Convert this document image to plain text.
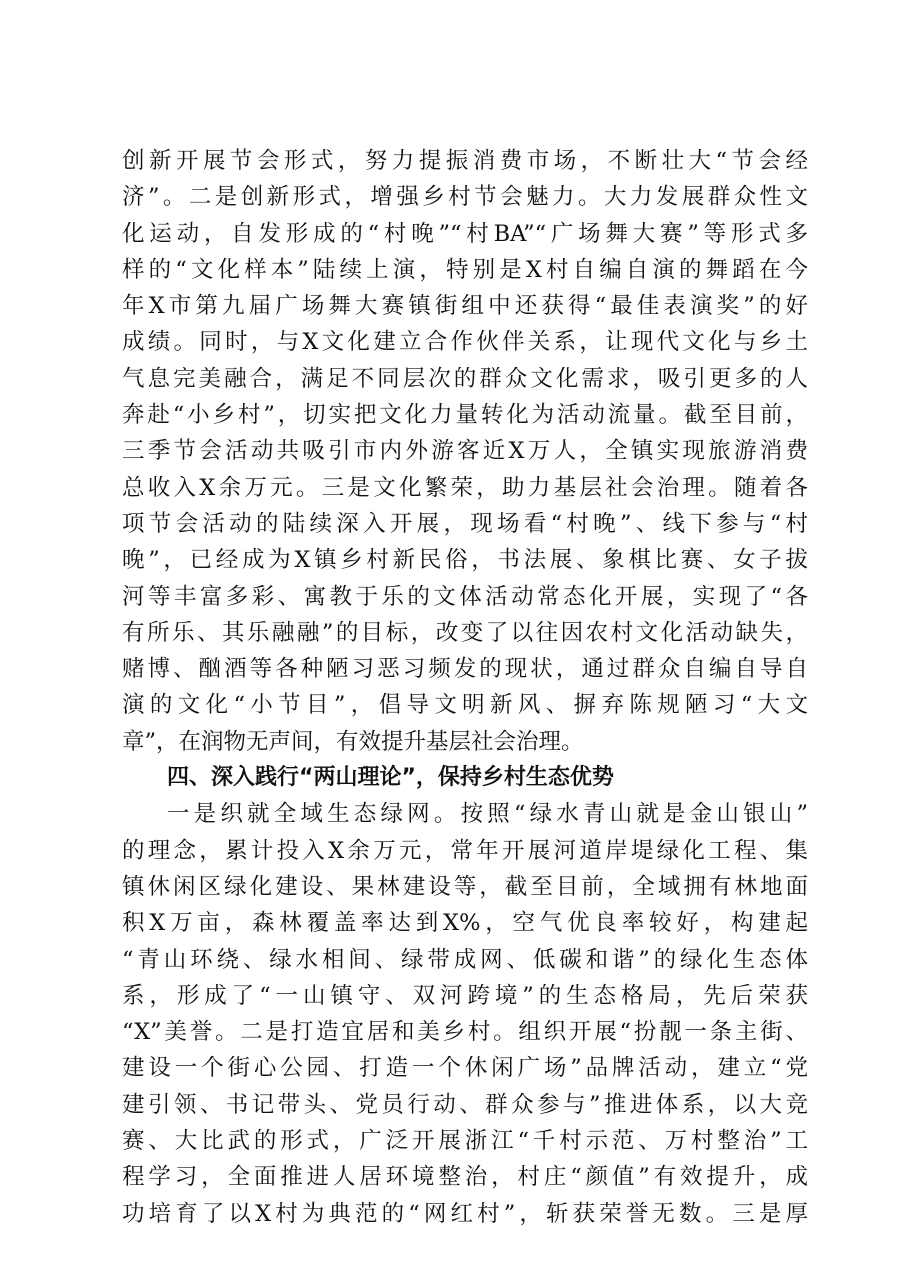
创新开展节会形式，努力提振消费市场，不断壮大“节会经
济”。二是创新形式，增强乡村节会魅力。大力发展群众性文
化运动，自发形成的“村晚”“村BA”“广场舞大赛”等形式多
样的“文化样本”陆续上演，特别是X村自编自演的舞蹈在今
年X市第九届广场舞大赛镇街组中还获得“最佳表演奖”的好
成绩。同时，与X文化建立合作伙伴关系，让现代文化与乡土
气息完美融合，满足不同层次的群众文化需求，吸引更多的人
奔赴“小乡村”，切实把文化力量转化为活动流量。截至目前，
三季节会活动共吸引市内外游客近X万人，全镇实现旅游消费
总收入X余万元。三是文化繁荣，助力基层社会治理。随着各
项节会活动的陆续深入开展，现场看“村晚”、线下参与“村
晚”，已经成为X镇乡村新民俗，书法展、象棋比赛、女子拔
河等丰富多彩、寓教于乐的文体活动常态化开展，实现了“各
有所乐、其乐融融”的目标，改变了以往因农村文化活动缺失，
赌博、酗酒等各种陋习恶习频发的现状，通过群众自编自导自
演的文化“小节目”，倡导文明新风、摒弃陈规陋习“大文
章”，在润物无声间，有效提升基层社会治理。
四、深入践行“两山理论”，保持乡村生态优势
一是织就全域生态绿网。按照“绿水青山就是金山银山”
的理念，累计投入X余万元，常年开展河道岸堤绿化工程、集
镇休闲区绿化建设、果林建设等，截至目前，全域拥有林地面
积X万亩，森林覆盖率达到X%，空气优良率较好，构建起
“青山环绕、绿水相间、绿带成网、低碳和谐”的绿化生态体
系，形成了“一山镇守、双河跨境”的生态格局，先后荣获
“X”美誉。二是打造宜居和美乡村。组织开展“扮靓一条主街、
建设一个街心公园、打造一个休闲广场”品牌活动，建立“党
建引领、书记带头、党员行动、群众参与”推进体系，以大竞
赛、大比武的形式，广泛开展浙江“千村示范、万村整治”工
程学习，全面推进人居环境整治，村庄“颜值”有效提升，成
功培育了以X村为典范的“网红村”，斩获荣誉无数。三是厚
